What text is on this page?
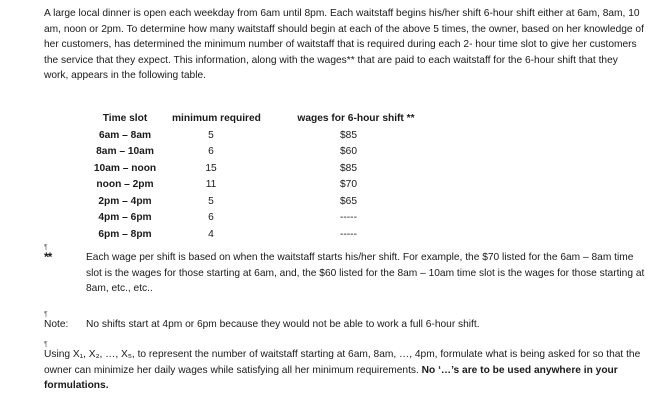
A large local dinner is open each weekday from 6am until 8pm. Each waitstaff begins his/her shift 6-hour shift either at 6am, 8am, 10 am, noon or 2pm. To determine how many waitstaff should begin at each of the above 5 times, the owner, based on her knowledge of her customers, has determined the minimum number of waitstaff that is required during each 2- hour time slot to give her customers the service that they expect. This information, along with the wages** that are paid to each waitstaff for the 6-hour shift that they work, appears in the following table.

Time slot	minimum required	wages for 6-hour shift **
6am – 8am	5	$85
8am – 10am	6	$60
10am – noon	15	$85
noon – 2pm	11	$70
2pm – 4pm	5	$65
4pm – 6pm	6	-----
6pm – 8pm	4	-----
¶
**	Each wage per shift is based on when the waitstaff starts his/her shift. For example, the $70 listed for the 6am – 8am time slot is the wages for those starting at 6am, and, the $60 listed for the 8am – 10am time slot is the wages for those starting at 8am, etc., etc..

¶
Note: No shifts start at 4pm or 6pm because they would not be able to work a full 6-hour shift.

¶

Using X₁, X₂, …, X₅, to represent the number of waitstaff starting at 6am, 8am, …, 4pm, formulate what is being asked for so that the owner can minimize her daily wages while satisfying all her minimum requirements. No ‘…’s are to be used anywhere in your formulations.
